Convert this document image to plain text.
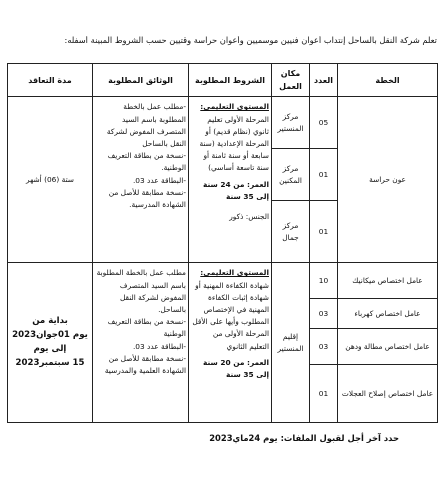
تعلم شركة النقل بالساحل إنتداب أعوان فنيين موسميين وأعوان حراسة وقتيين حسب الشروط المبينة أسفله:
الخطة	العدد	مكان العمل	الشروط المطلوبة	الوثائق المطلوبة	مدة التعاقد
عون حراسة	05	مركز المنستير	المستوى التعليمي:
المرحلة الأولى تعليم ثانوي (نظام قديم) أو المرحلة الإعدادية (سنة سابعة أو سنة ثامنة أو سنة تاسعة أساسي)
العمر: من 24 سنة إلى 35 سنة
الجنس: ذكور	-مطلب عمل بالخطة المطلوبة باسم السيد المتصرف المفوض لشركة النقل بالساحل
-نسخة من بطاقة التعريف الوطنية.
-البطاقة عدد 03.
-نسخة مطابقة للأصل من الشهادة المدرسية.	ستة (06) أشهر
	01	مركز المكنين			
	01	مركز جمال			
عامل اختصاص ميكانيك	10	إقليم المنستير	المستوى التعليمي:
شهادة الكفاءة المهنية أو شهادة إثبات الكفاءة المهنية في الإختصاص المطلوب وأيها على الأقل المرحلة الأولى من التعليم الثانوي
العمر: من 20 سنة إلى 35 سنة	مطلب عمل بالخطة المطلوبة باسم السيد المتصرف المفوض لشركة النقل بالساحل.
-نسخة من بطاقة التعريف الوطنية
-البطاقة عدد 03.
-نسخة مطابقة للأصل من الشهادة العلمية والمدرسية	بداية من
يوم 01جوان2023
إلى يوم
15 سبتمبر2023

عامل اختصاص كهرباء	03				
عامل اختصاص مطالة ودهن	03				
عامل اختصاص إصلاح العجلات	01				
حدد آخر أجل لقبول الملفات: يوم 24ماي2023
